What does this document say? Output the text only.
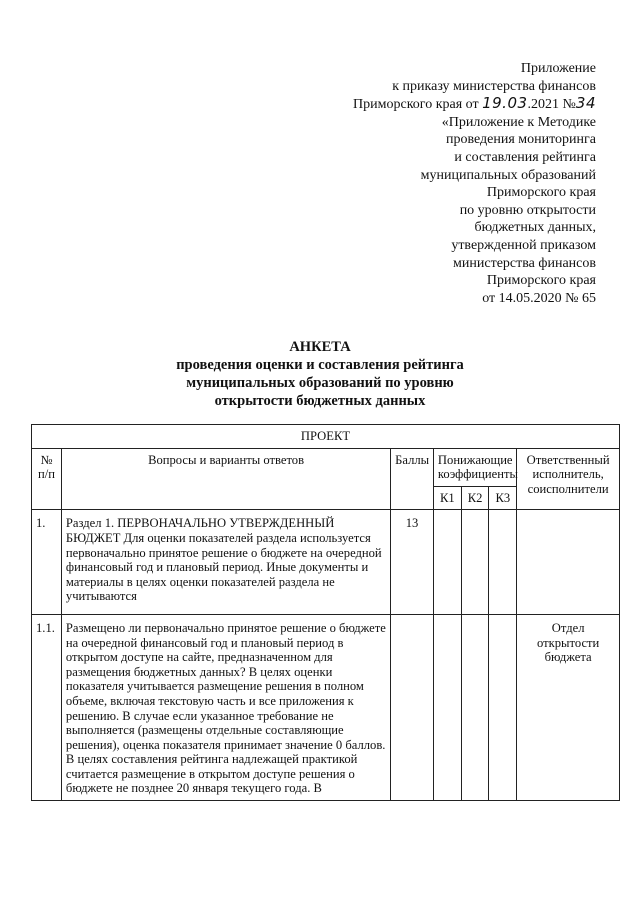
Приложение
к приказу министерства финансов
Приморского края от 19.03.2021 №34
«Приложение к Методике
проведения мониторинга
и составления рейтинга
муниципальных образований
Приморского края
по уровню открытости
бюджетных данных,
утвержденной приказом
министерства финансов
Приморского края
от 14.05.2020 № 65
АНКЕТА
проведения оценки и составления рейтинга
муниципальных образований по уровню
открытости бюджетных данных
ПРОЕКТ						
№ п/п	Вопросы и варианты ответов	Баллы	Понижающие коэффициенты			Ответственный исполнитель, соисполнители
			К1	К2	К3	
1.	Раздел 1. ПЕРВОНАЧАЛЬНО УТВЕРЖДЕННЫЙ БЮДЖЕТ Для оценки показателей раздела используется первоначально принятое решение о бюджете на очередной финансовый год и плановый период. Иные документы и материалы в целях оценки показателей раздела не учитываются	13				
1.1.	Размещено ли первоначально принятое решение о бюджете на очередной финансовый год и плановый период в открытом доступе на сайте, предназначенном для размещения бюджетных данных? В целях оценки показателя учитывается размещение решения в полном объеме, включая текстовую часть и все приложения к решению. В случае если указанное требование не выполняется (размещены отдельные составляющие решения), оценка показателя принимает значение 0 баллов. В целях составления рейтинга надлежащей практикой считается размещение в открытом доступе решения о бюджете не позднее 20 января текущего года. В					Отдел открытости бюджета
